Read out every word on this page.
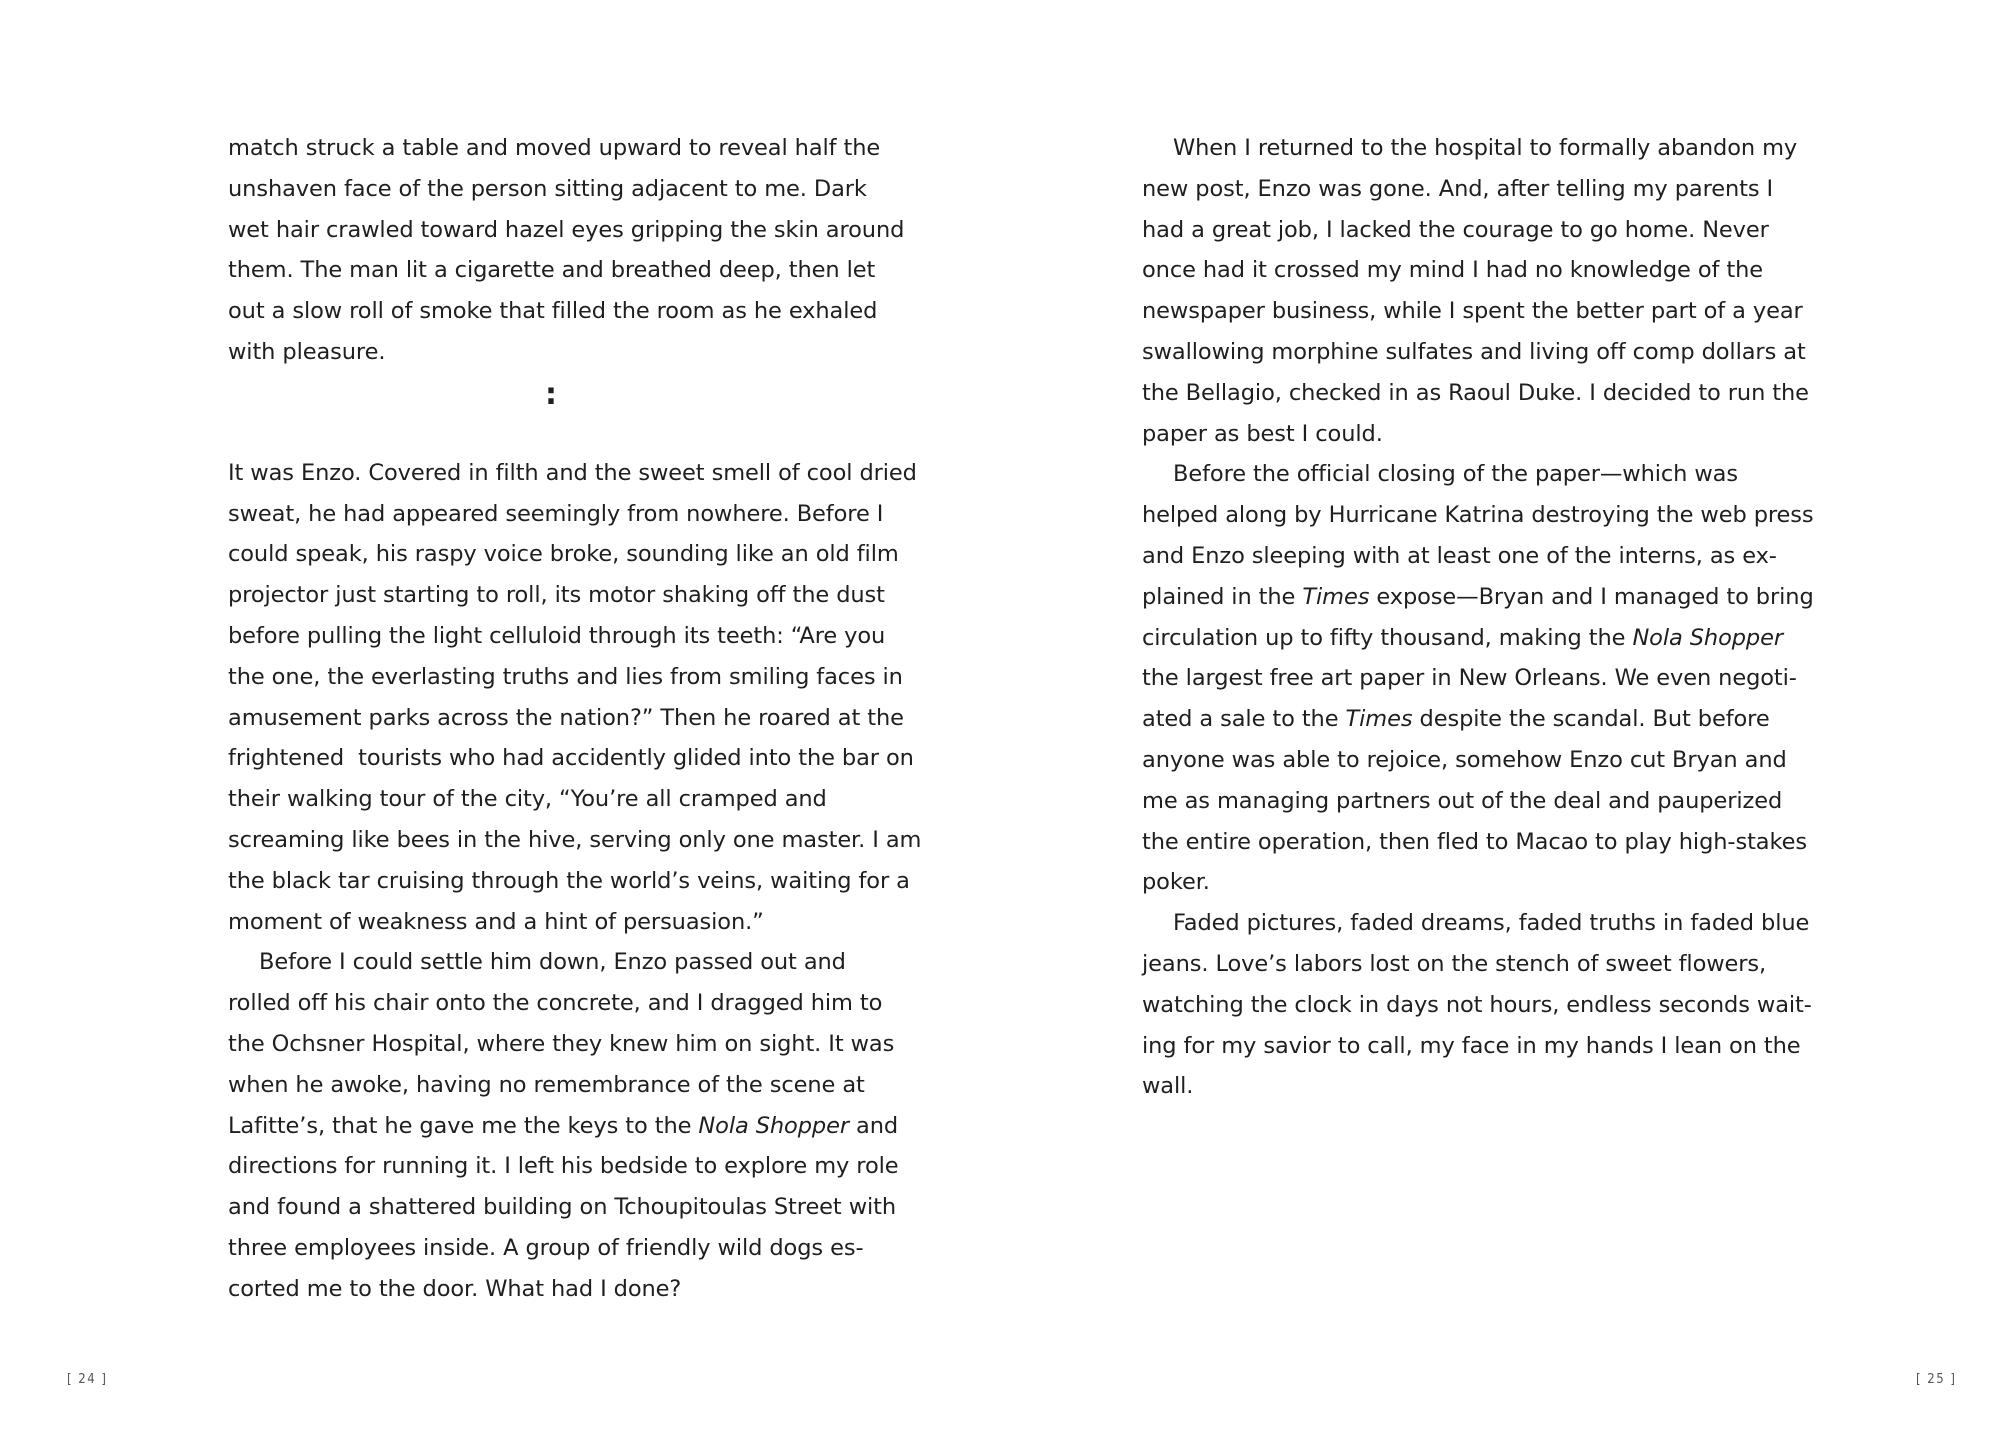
match struck a table and moved upward to reveal half the
unshaven face of the person sitting adjacent to me. Dark
wet hair crawled toward hazel eyes gripping the skin around
them. The man lit a cigarette and breathed deep, then let
out a slow roll of smoke that filled the room as he exhaled
with pleasure.
:
It was Enzo. Covered in filth and the sweet smell of cool dried
sweat, he had appeared seemingly from nowhere. Before I
could speak, his raspy voice broke, sounding like an old film
projector just starting to roll, its motor shaking off the dust
before pulling the light celluloid through its teeth: “Are you
the one, the everlasting truths and lies from smiling faces in
amusement parks across the nation?” Then he roared at the
frightened  tourists who had accidently glided into the bar on
their walking tour of the city, “You’re all cramped and
screaming like bees in the hive, serving only one master. I am
the black tar cruising through the world’s veins, waiting for a
moment of weakness and a hint of persuasion.”
Before I could settle him down, Enzo passed out and
rolled off his chair onto the concrete, and I dragged him to
the Ochsner Hospital, where they knew him on sight. It was
when he awoke, having no remembrance of the scene at
Lafitte’s, that he gave me the keys to the Nola Shopper and
directions for running it. I left his bedside to explore my role
and found a shattered building on Tchoupitoulas Street with
three employees inside. A group of friendly wild dogs es-
corted me to the door. What had I done?
[ 24 ]
When I returned to the hospital to formally abandon my
new post, Enzo was gone. And, after telling my parents I
had a great job, I lacked the courage to go home. Never
once had it crossed my mind I had no knowledge of the
newspaper business, while I spent the better part of a year
swallowing morphine sulfates and living off comp dollars at
the Bellagio, checked in as Raoul Duke. I decided to run the
paper as best I could.
Before the official closing of the paper—which was
helped along by Hurricane Katrina destroying the web press
and Enzo sleeping with at least one of the interns, as ex-
plained in the Times expose—Bryan and I managed to bring
circulation up to fifty thousand, making the Nola Shopper
the largest free art paper in New Orleans. We even negoti-
ated a sale to the Times despite the scandal. But before
anyone was able to rejoice, somehow Enzo cut Bryan and
me as managing partners out of the deal and pauperized
the entire operation, then fled to Macao to play high-stakes
poker.
Faded pictures, faded dreams, faded truths in faded blue
jeans. Love’s labors lost on the stench of sweet flowers,
watching the clock in days not hours, endless seconds wait-
ing for my savior to call, my face in my hands I lean on the
wall.
[ 25 ]
